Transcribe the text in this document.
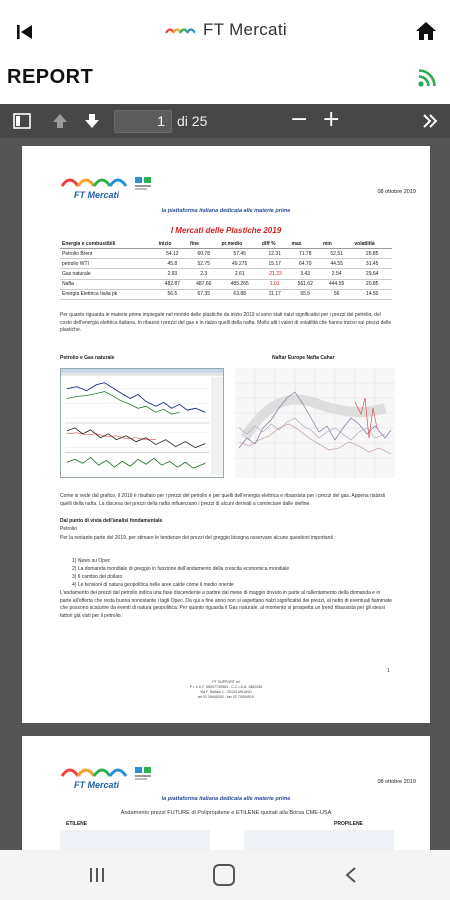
FT Mercati
REPORT
1 di 25	− +
FT Mercati	08 ottobre 2019
la piattaforma italiana dedicata alle materie prime
I Mercati delle Plastiche 2019
Energia e combustibili	inizio	fine	pr.medio	diff %	max	min	volatilità
Petrolio Brent	54.12	60.78	57.45	12.31	71.78	52.51	26.85
petrolio WTI	45.8	52.75	49.275	15.17	64.70	44.55	31.45
Gas naturale	2.93	2.3	2.61	-21.23	3.43	2.54	29.64
Nafta	482.87	487.66	485.265	1.01	561.62	444.55	20.85
Energia Elettrica Italia pk	56.5	67.35	63.88	11.17	65.5	56	14.50
Per quanto riguarda le materie prime impiegate nel mondo delle plastiche da inizio 2019 si sono stati rialzi significativi per i prezzi del petrolio, del costo dell'energia elettrica italiana. In ribasso i prezzi del gas e in rialzo quelli della nafta. Molto alti i valori di volatilità che hanno inciso sui prezzi delle plastiche.
Petrolio e Gas naturale	Naftar Europe Nafta Cahar
Come si vede dal grafico, il 2019 è risultato per i prezzi del petrolio e per quelli dell'energia elettrica e ribassista per i prezzi del gas. Appena rialzisti quelli della nafta. La discesa dei prezzi della nafta influenzano i prezzi di alcuni derivati a cominciare dalle olefine.
Dal punto di vista dell'analisi fondamentale
Petrolio
Per la restante parte del 2019, per stimare le tendenze dei prezzi del greggio bisogna osservare alcune questioni importanti :
1) News su Opec
2) La domanda mondiale di greggio in funzione dell'andamento della crescita economica mondiale
3) Il cambio del dollaro
4) Le tensioni di natura geopolitica nelle aree calde come il medio oriente
L'andamento dei prezzi del petrolio indica una fase discendente a partire dal mese di maggio dovuto in parte al rallentamento della domanda e in parte all'offerta che resta buona nonostante i tagli Opec. Da qui a fine anno non si aspettano rialzi significativi dei prezzi, al netto di eventuali fiammate che possono scaturire da eventi di natura geopolitica. Per quanto riguarda il Gas naturale, al momento si prospetta un trend ribassista per gli stessi fattori già visti per il petrolio.
1
FT SUPPORT srl
P.I. e C.F. 06007730964 - C.C.I.A.A. 1862255
Via F. Bellani 1 - 20124 MILANO
tel 02 39440202 - fax 02 70004910
FT Mercati	08 ottobre 2019
la piattaforma italiana dedicata alle materie prime
Andamento prezzi FUTURE di Polipropilene e ETILENE quotati alla Borsa CME-USA
ETILENE	PROPILENE
